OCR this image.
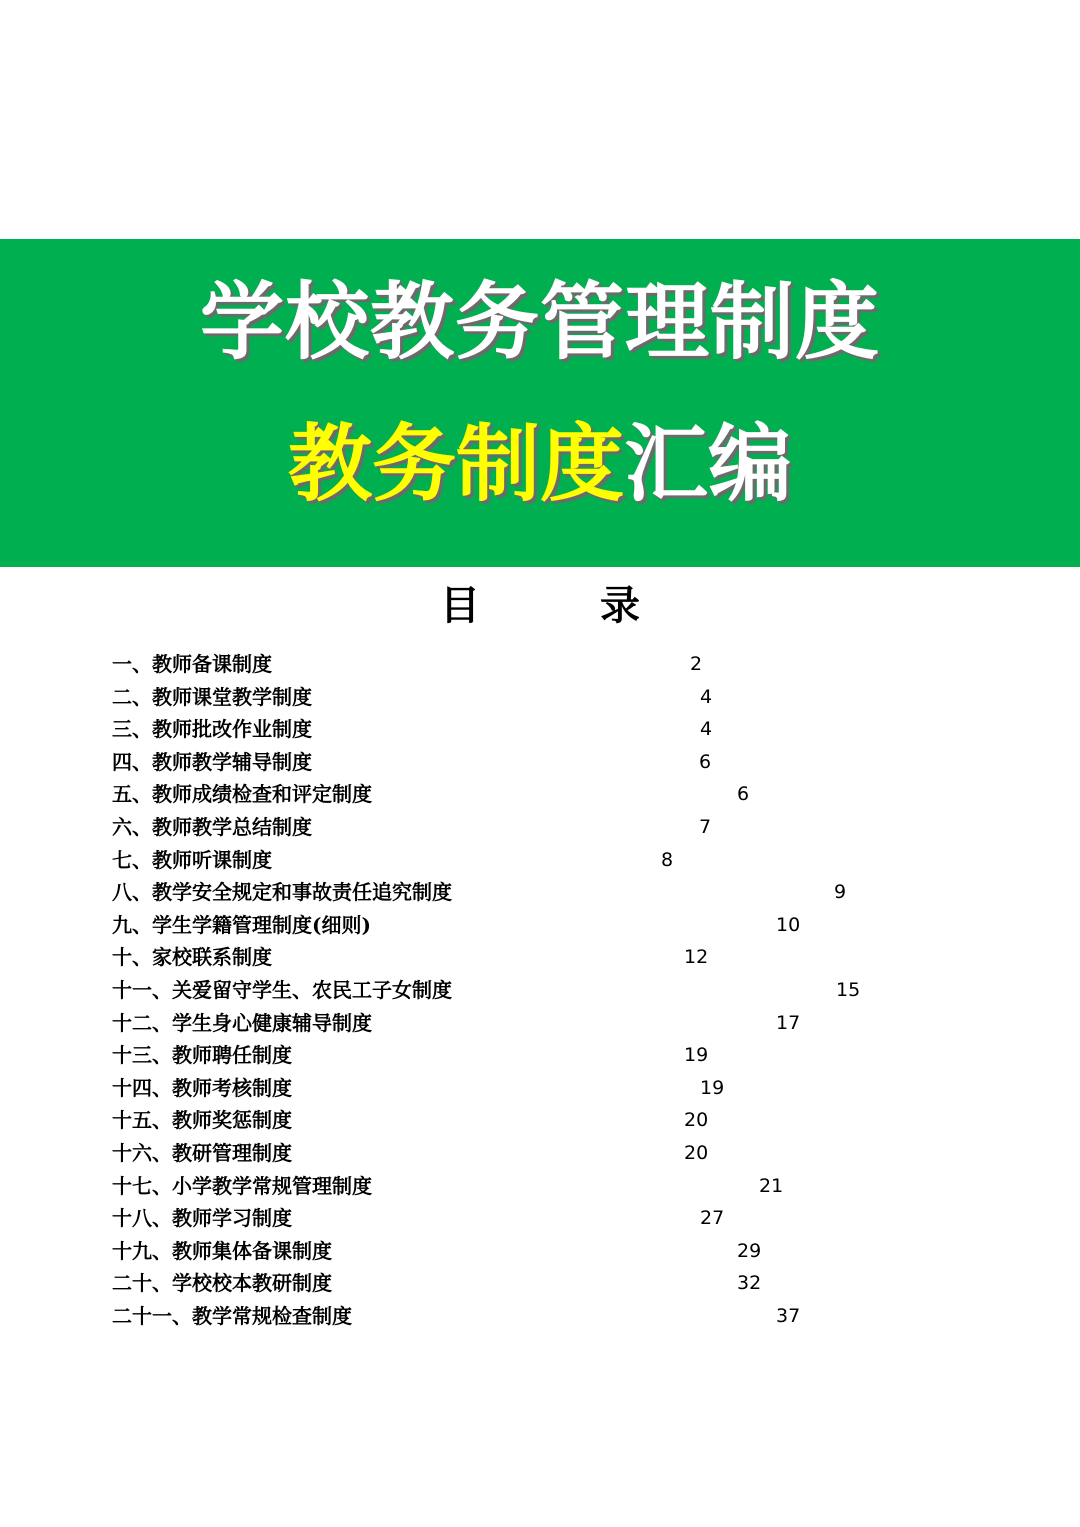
学校教务管理制度
教务制度汇编
目录
一、教师备课制度	2
二、教师课堂教学制度	4
三、教师批改作业制度	4
四、教师教学辅导制度	6
五、教师成绩检查和评定制度	6
六、教师教学总结制度	7
七、教师听课制度	8
八、教学安全规定和事故责任追究制度	9
九、学生学籍管理制度(细则)	10
十、家校联系制度	12
十一、关爱留守学生、农民工子女制度	15
十二、学生身心健康辅导制度	17
十三、教师聘任制度	19
十四、教师考核制度	19
十五、教师奖惩制度	20
十六、教研管理制度	20
十七、小学教学常规管理制度	21
十八、教师学习制度	27
十九、教师集体备课制度	29
二十、学校校本教研制度	32
二十一、教学常规检查制度	37
